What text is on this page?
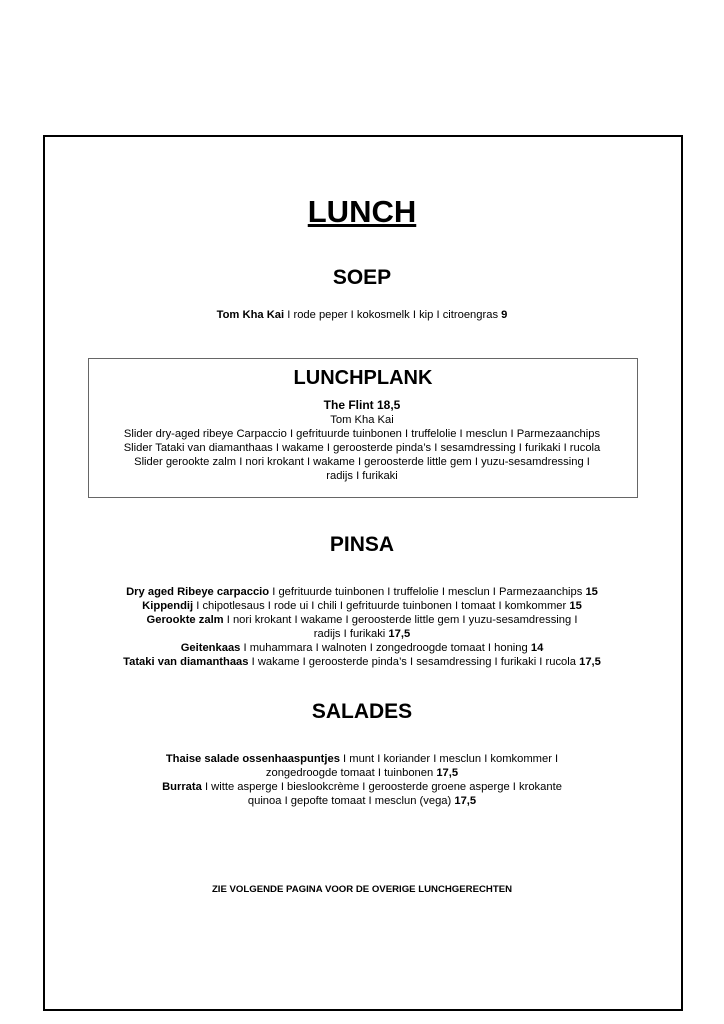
LUNCH
SOEP

Tom Kha Kai I rode peper I kokosmelk I kip I citroengras 9

LUNCHPLANK

The Flint 18,5

Tom Kha Kai

Slider dry-aged ribeye Carpaccio I gefrituurde tuinbonen I truffelolie I mesclun I Parmezaanchips

Slider Tataki van diamanthaas I wakame I geroosterde pinda’s I sesamdressing I furikaki I rucola

Slider gerookte zalm I nori krokant I wakame I geroosterde little gem I yuzu-sesamdressing I

radijs I furikaki

PINSA

Dry aged Ribeye carpaccio I gefrituurde tuinbonen I truffelolie I mesclun I Parmezaanchips 15

Kippendij I chipotlesaus I rode ui I chili I gefrituurde tuinbonen I tomaat I komkommer 15

Gerookte zalm I nori krokant I wakame I geroosterde little gem I yuzu-sesamdressing I

radijs I furikaki 17,5

Geitenkaas I muhammara I walnoten I zongedroogde tomaat I honing 14

Tataki van diamanthaas I wakame I geroosterde pinda’s I sesamdressing I furikaki I rucola 17,5

SALADES

Thaise salade ossenhaaspuntjes I munt I koriander I mesclun I komkommer I

zongedroogde tomaat I tuinbonen 17,5

Burrata I witte asperge I bieslookcrème I geroosterde groene asperge I krokante

quinoa I gepofte tomaat I mesclun (vega) 17,5

ZIE VOLGENDE PAGINA VOOR DE OVERIGE LUNCHGERECHTEN
